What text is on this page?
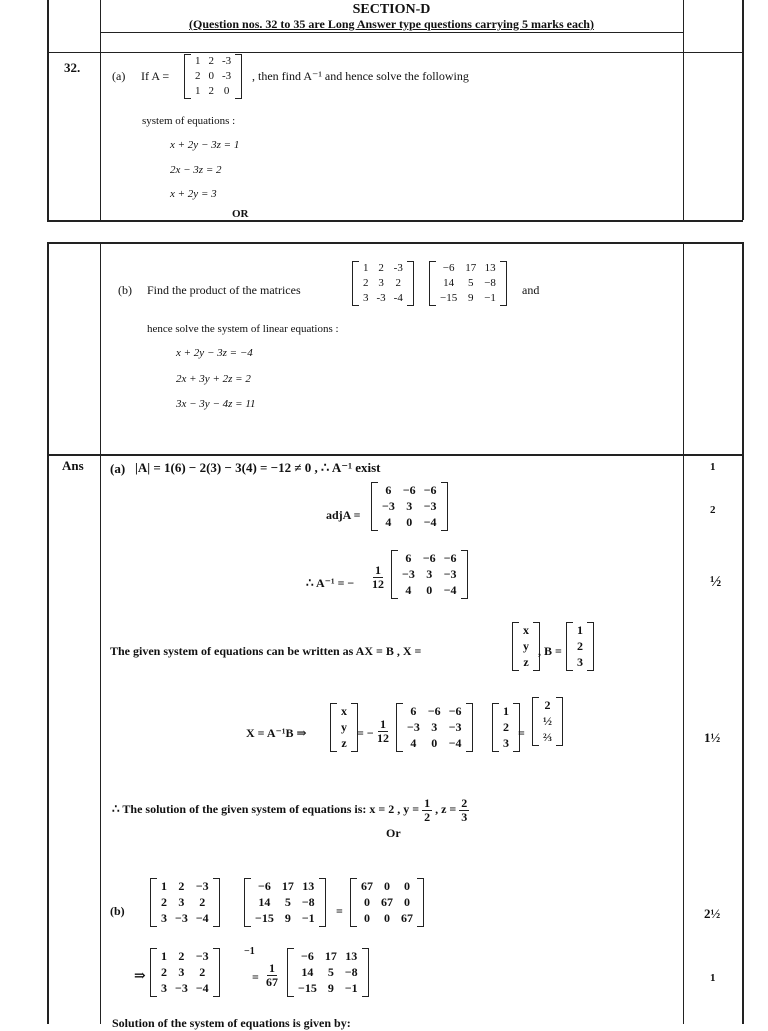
SECTION-D
(Question nos. 32 to 35 are Long Answer type questions carrying 5 marks each)
32.
(a) If A =
1	2	-3
2	0	-3
1	2	0
, then find A⁻¹ and hence solve the following
system of equations :
x + 2y − 3z = 1
2x − 3z = 2
x + 2y = 3
OR
(b) Find the product of the matrices
1	2	-3
2	3	2
3	-3	-4
−6	17	13
14	5	−8
−15	9	−1
and
hence solve the system of linear equations :
x + 2y − 3z = −4
2x + 3y + 2z = 2
3x − 3y − 4z = 11
Ans (a) |A| = 1(6) − 2(3) − 3(4) = −12 ≠ 0 , ∴ A⁻¹ exist	1
adjA =
6	−6	−6
−3	3	−3
4	0	−4
2
∴ A⁻¹ = − $\frac{1}{12}$
6	−6	−6
−3	3	−3
4	0	−4
½
The given system of equations can be written as AX = B , X =
x
y
z
, B =
1
2
3
X = A⁻¹B ⇒
x
y
z
= − $\frac{1}{12}$
6	−6	−6
−3	3	−3
4	0	−4
1
2
3
=
2
½
⅔	1½
∴ The solution of the given system of equations is: x = 2 , $y = \frac{1}{2}$ , $z = \frac{2}{3}$
Or
(b)
1	2	−3
2	3	2
3	−3	−4
−6	17	13
14	5	−8
−15	9	−1
=
67	0	0
0	67	0
0	0	67	2½
⇒
1	2	−3
2	3	2
3	−3	−4
−1
= $\frac{1}{67}$
−6	17	13
14	5	−8
−15	9	−1
1
Solution of the system of equations is given by:
